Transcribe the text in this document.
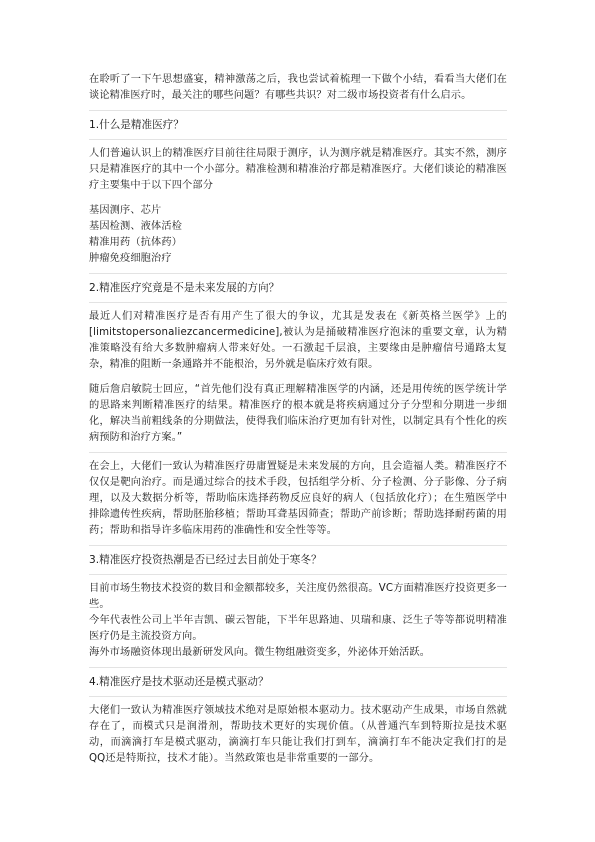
在聆听了一下午思想盛宴，精神激荡之后，我也尝试着梳理一下做个小结，看看当大佬们在谈论精准医疗时，最关注的哪些问题？有哪些共识？对二级市场投资者有什么启示。

1.什么是精准医疗？

人们普遍认识上的精准医疗目前往往局限于测序，认为测序就是精准医疗。其实不然，测序只是精准医疗的其中一个小部分。精准检测和精准治疗都是精准医疗。大佬们谈论的精准医疗主要集中于以下四个部分

基因测序、芯片

基因检测、液体活检

精准用药（抗体药）

肿瘤免疫细胞治疗

2.精准医疗究竟是不是未来发展的方向？

最近人们对精准医疗是否有用产生了很大的争议，尤其是发表在《新英格兰医学》上的[limitstopersonaliezcancermedicine],被认为是捅破精准医疗泡沫的重要文章，认为精准策略没有给大多数肿瘤病人带来好处。一石激起千层浪，主要缘由是肿瘤信号通路太复杂，精准的阻断一条通路并不能根治，另外就是临床疗效有限。

随后詹启敏院士回应，“首先他们没有真正理解精准医学的内涵，还是用传统的医学统计学的思路来判断精准医疗的结果。精准医疗的根本就是将疾病通过分子分型和分期进一步细化，解决当前粗线条的分期做法，使得我们临床治疗更加有针对性，以制定具有个性化的疾病预防和治疗方案。”

在会上，大佬们一致认为精准医疗毋庸置疑是未来发展的方向，且会造福人类。精准医疗不仅仅是靶向治疗。而是通过综合的技术手段，包括组学分析、分子检测、分子影像、分子病理，以及大数据分析等，帮助临床选择药物反应良好的病人（包括放化疗）；在生殖医学中排除遗传性疾病，帮助胚胎移植；帮助耳聋基因筛查；帮助产前诊断；帮助选择耐药菌的用药；帮助和指导许多临床用药的准确性和安全性等等。

3.精准医疗投资热潮是否已经过去目前处于寒冬？

目前市场生物技术投资的数目和金额都较多，关注度仍然很高。VC方面精准医疗投资更多一些。

今年代表性公司上半年吉凯、碳云智能，下半年思路迪、贝瑞和康、泛生子等等都说明精准医疗仍是主流投资方向。

海外市场融资体现出最新研发风向。微生物组融资变多，外泌体开始活跃。

4.精准医疗是技术驱动还是模式驱动？

大佬们一致认为精准医疗领域技术绝对是原始根本驱动力。技术驱动产生成果，市场自然就存在了，而模式只是润滑剂，帮助技术更好的实现价值。（从普通汽车到特斯拉是技术驱动，而滴滴打车是模式驱动，滴滴打车只能让我们打到车，滴滴打车不能决定我们打的是QQ还是特斯拉，技术才能）。当然政策也是非常重要的一部分。
